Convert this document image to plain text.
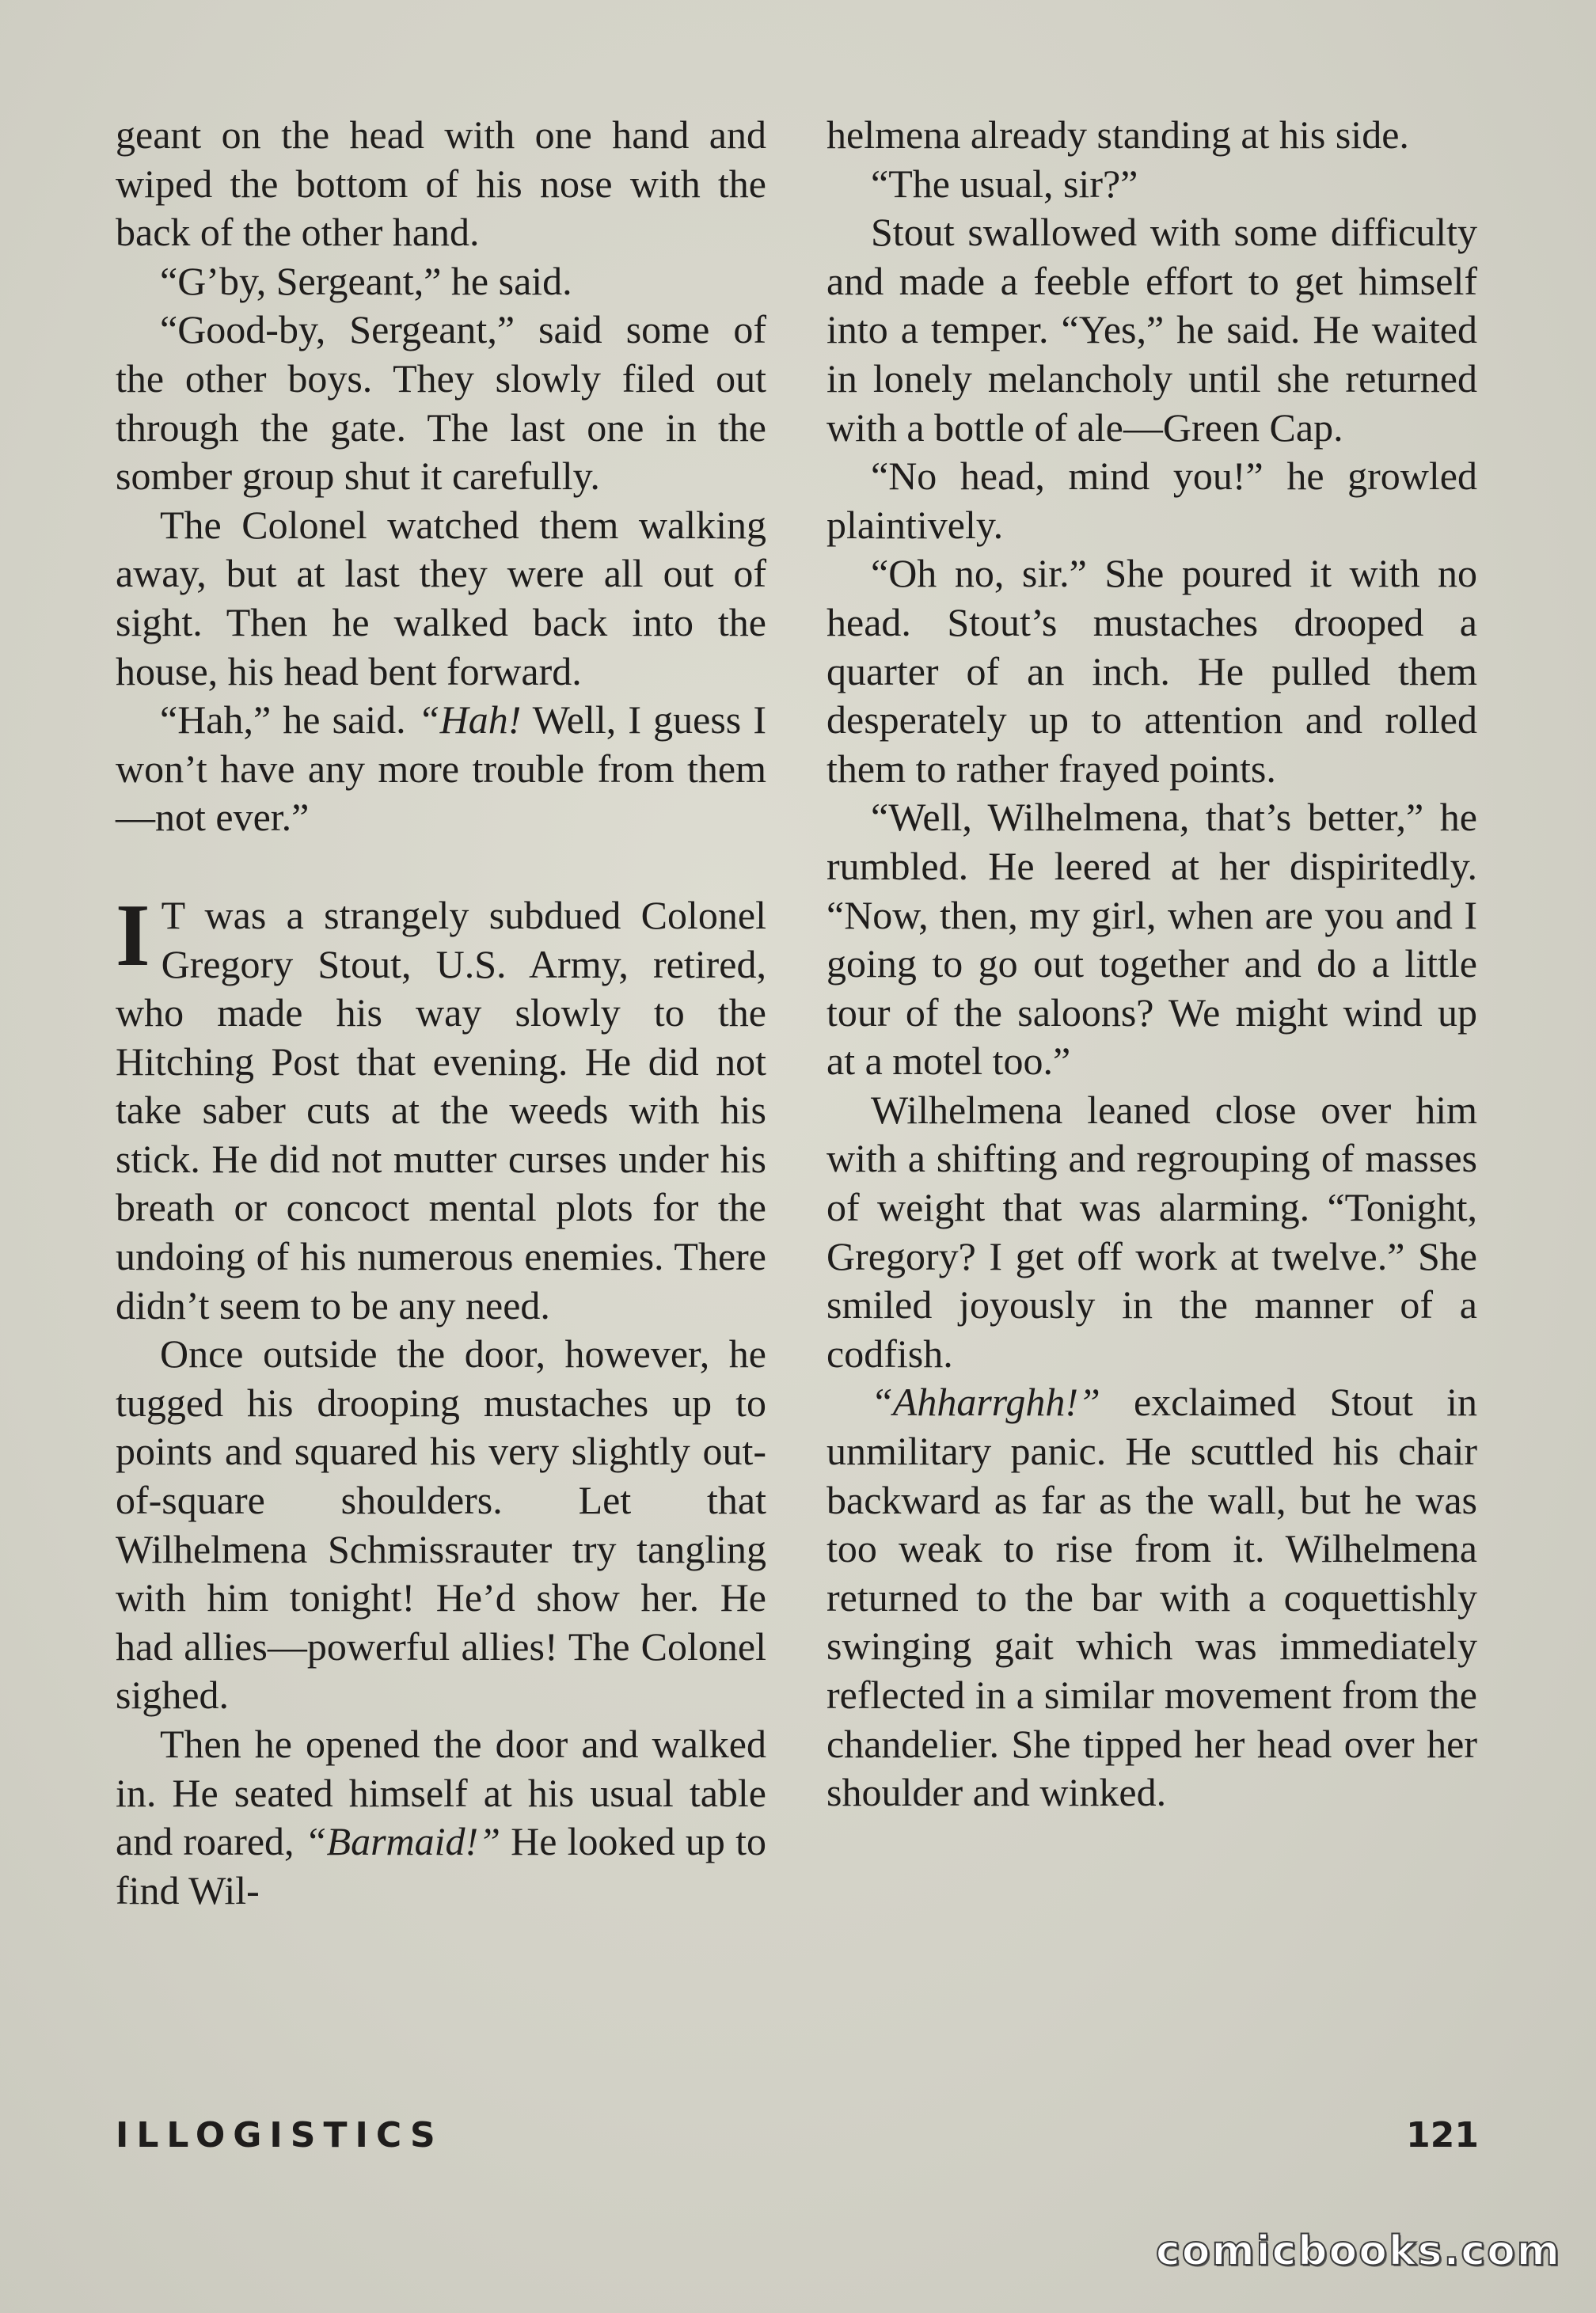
geant on the head with one hand and wiped the bottom of his nose with the back of the other hand.

“G’by, Sergeant,” he said.

“Good-by, Sergeant,” said some of the other boys. They slowly filed out through the gate. The last one in the somber group shut it carefully.

The Colonel watched them walking away, but at last they were all out of sight. Then he walked back into the house, his head bent forward.

“Hah,” he said. “Hah! Well, I guess I won’t have any more trouble from them—not ever.”

I T was a strangely subdued Colonel Gregory Stout, U.S. Army, retired, who made his way slowly to the Hitching Post that evening. He did not take saber cuts at the weeds with his stick. He did not mutter curses under his breath or concoct mental plots for the undoing of his numerous enemies. There didn’t seem to be any need.

Once outside the door, however, he tugged his drooping mustaches up to points and squared his very slightly out-of-square shoulders. Let that Wilhelmena Schmissrauter try tangling with him tonight! He’d show her. He had allies—powerful allies! The Colonel sighed.

Then he opened the door and walked in. He seated himself at his usual table and roared, “Barmaid!” He looked up to find Wil-

helmena already standing at his side.

“The usual, sir?”

Stout swallowed with some difficulty and made a feeble effort to get himself into a temper. “Yes,” he said. He waited in lonely melancholy until she returned with a bottle of ale—Green Cap.

“No head, mind you!” he growled plaintively.

“Oh no, sir.” She poured it with no head. Stout’s mustaches drooped a quarter of an inch. He pulled them desperately up to attention and rolled them to rather frayed points.

“Well, Wilhelmena, that’s better,” he rumbled. He leered at her dispiritedly. “Now, then, my girl, when are you and I going to go out together and do a little tour of the saloons? We might wind up at a motel too.”

Wilhelmena leaned close over him with a shifting and regrouping of masses of weight that was alarming. “Tonight, Gregory? I get off work at twelve.” She smiled joyously in the manner of a codfish.

“Ahharrghh!” exclaimed Stout in unmilitary panic. He scuttled his chair backward as far as the wall, but he was too weak to rise from it. Wilhelmena returned to the bar with a coquettishly swinging gait which was immediately reflected in a similar movement from the chandelier. She tipped her head over her shoulder and winked.

ILLOGISTICS	121
comicbooks.com
